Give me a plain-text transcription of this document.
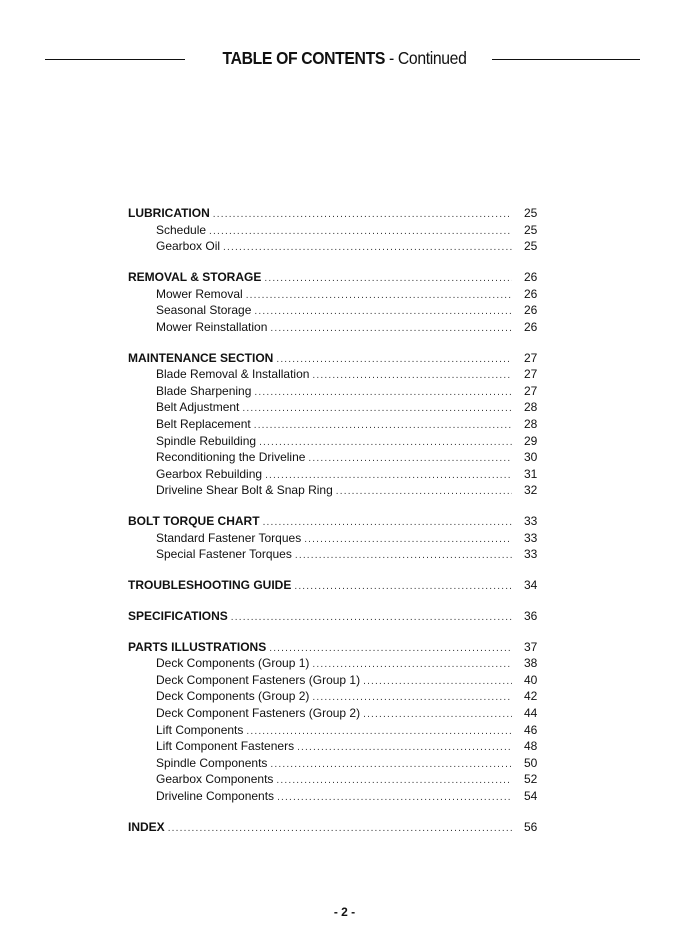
TABLE OF CONTENTS - Continued
LUBRICATION .....	25
Schedule .....	25
Gearbox Oil .....	25
REMOVAL & STORAGE .....	26
Mower Removal .....	26
Seasonal Storage .....	26
Mower Reinstallation .....	26
MAINTENANCE SECTION .....	27
Blade Removal & Installation .....	27
Blade Sharpening .....	27
Belt Adjustment .....	28
Belt Replacement .....	28
Spindle Rebuilding .....	29
Reconditioning the Driveline .....	30
Gearbox Rebuilding .....	31
Driveline Shear Bolt & Snap Ring .....	32
BOLT TORQUE CHART .....	33
Standard Fastener Torques .....	33
Special Fastener Torques .....	33
TROUBLESHOOTING GUIDE .....	34
SPECIFICATIONS .....	36
PARTS ILLUSTRATIONS .....	37
Deck Components (Group 1) .....	38
Deck Component Fasteners (Group 1) .....	40
Deck Components (Group 2) .....	42
Deck Component Fasteners (Group 2) .....	44
Lift Components .....	46
Lift Component Fasteners .....	48
Spindle Components .....	50
Gearbox Components .....	52
Driveline Components .....	54
INDEX .....	56
- 2 -
